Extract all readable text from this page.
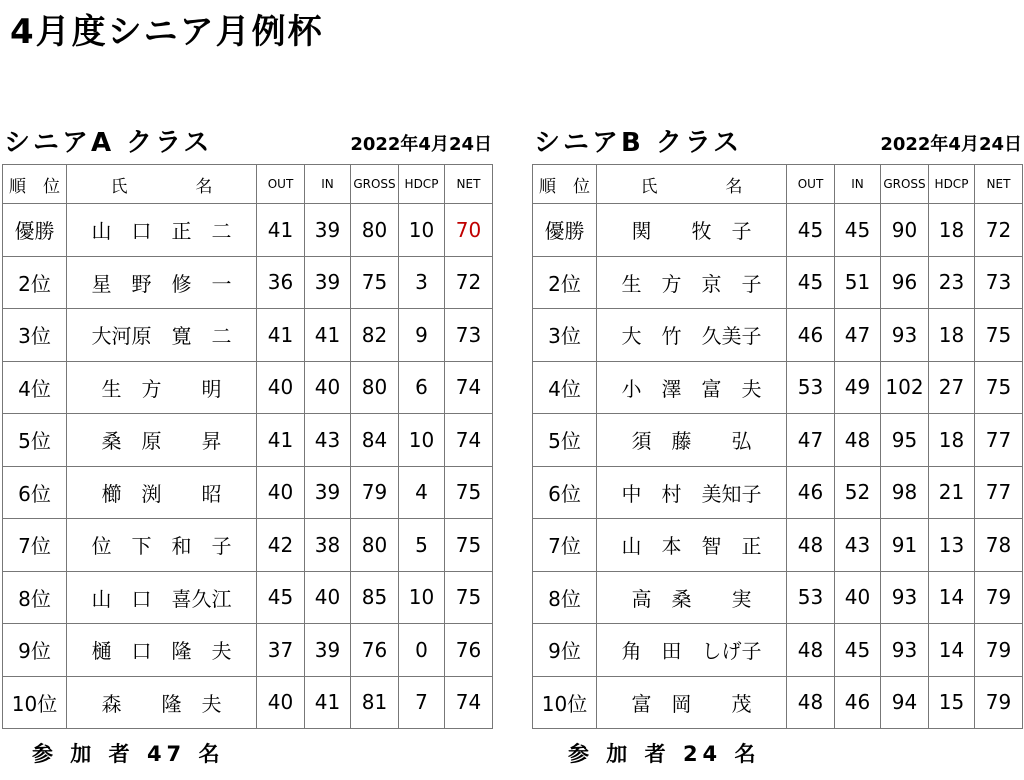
4月度シニア月例杯
シニアA クラス	2022年4月24日
順　位	氏　　　　名	OUT	IN	GROSS	HDCP	NET
優勝	山　口　正　二	41	39	80	10	70
2位	星　野　修　一	36	39	75	3	72
3位	大河原　寛　二	41	41	82	9	73
4位	生　方　　明	40	40	80	6	74
5位	桑　原　　昇	41	43	84	10	74
6位	櫛　渕　　昭	40	39	79	4	75
7位	位　下　和　子	42	38	80	5	75
8位	山　口　喜久江	45	40	85	10	75
9位	樋　口　隆　夫	37	39	76	0	76
10位	森　　隆　夫	40	41	81	7	74
シニアB クラス	2022年4月24日
順　位	氏　　　　名	OUT	IN	GROSS	HDCP	NET
優勝	関　　牧　子	45	45	90	18	72
2位	生　方　京　子	45	51	96	23	73
3位	大　竹　久美子	46	47	93	18	75
4位	小　澤　富　夫	53	49	102	27	75
5位	須　藤　　弘	47	48	95	18	77
6位	中　村　美知子	46	52	98	21	77
7位	山　本　智　正	48	43	91	13	78
8位	高　桑　　実	53	40	93	14	79
9位	角　田　しげ子	48	45	93	14	79
10位	富　岡　　茂	48	46	94	15	79
参 加 者 47 名	参 加 者 24 名
